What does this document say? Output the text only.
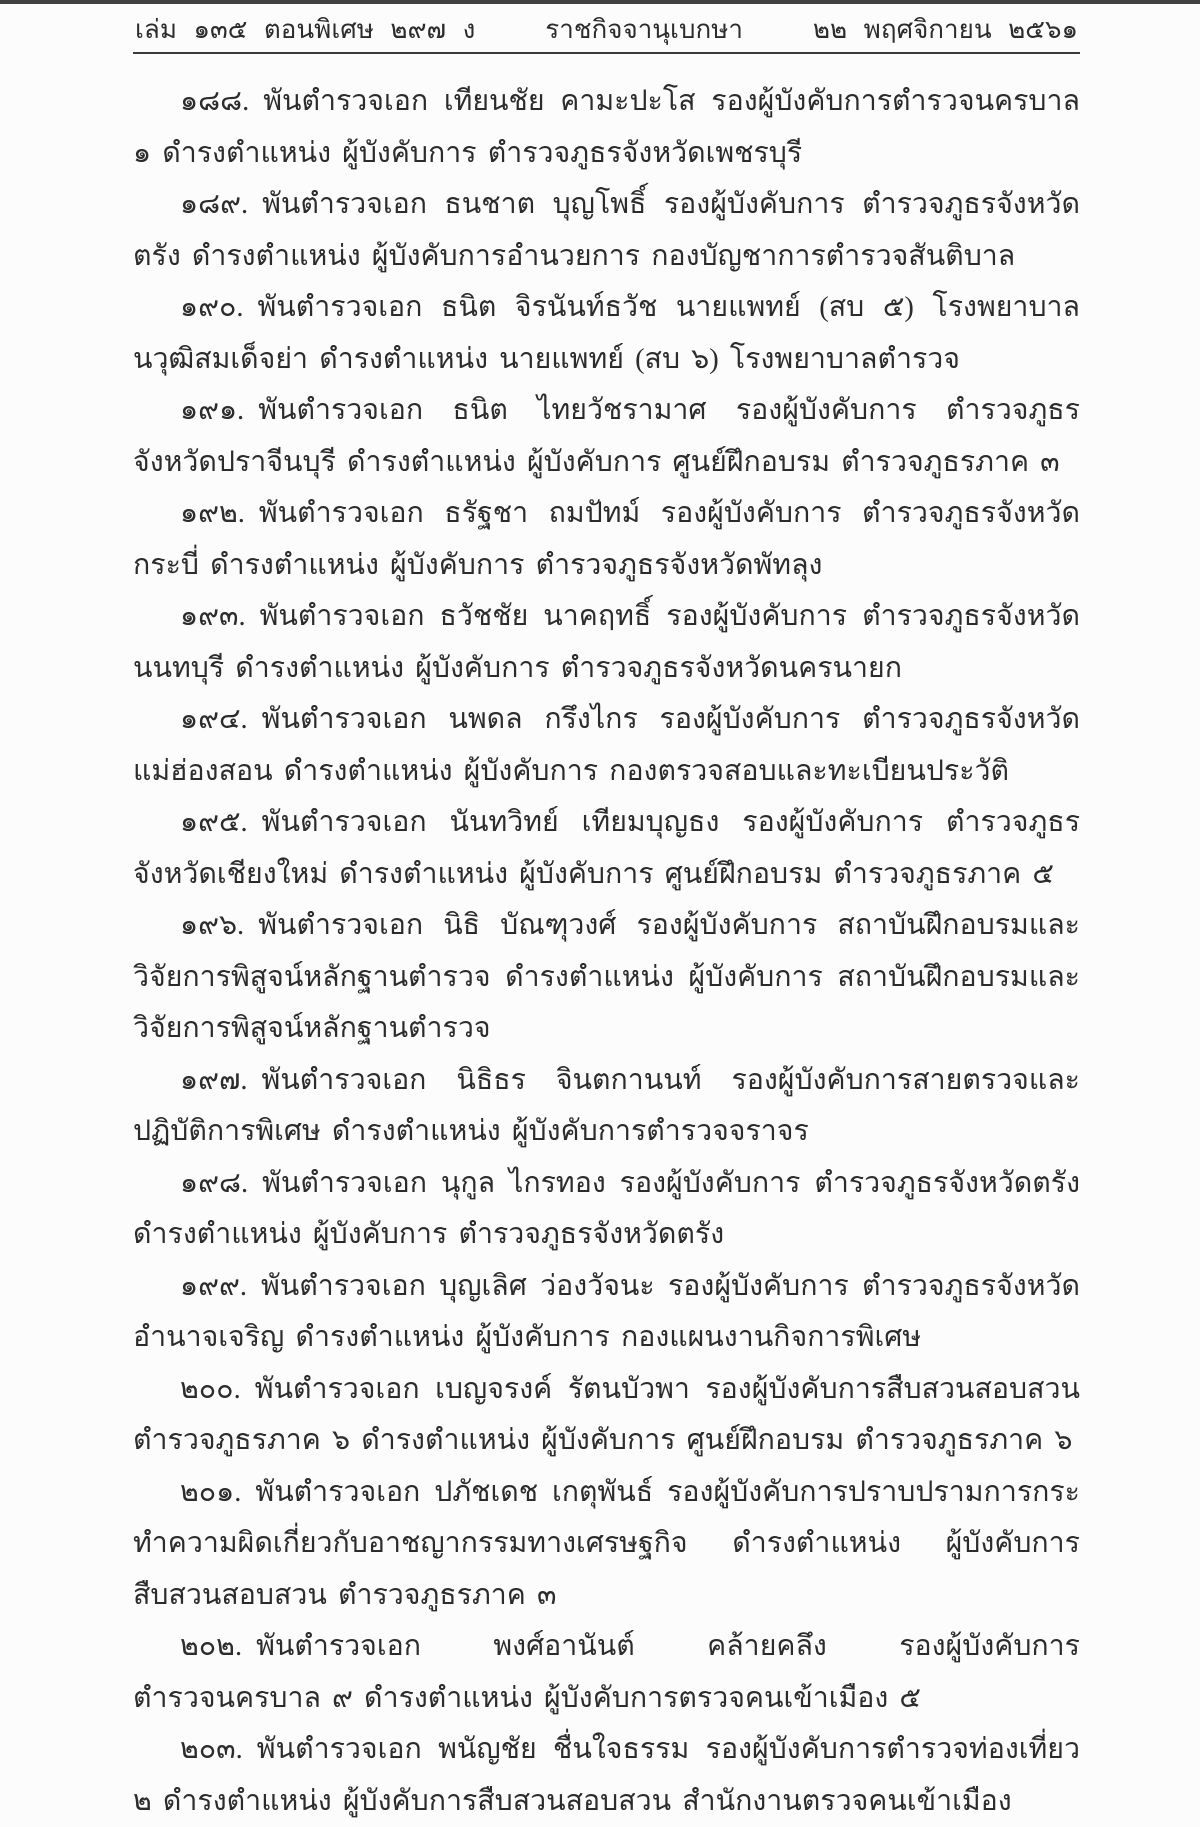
เล่ม ๑๓๕ ตอนพิเศษ ๒๙๗ ง	ราชกิจจานุเบกษา	๒๒ พฤศจิกายน ๒๕๖๑

๑๘๘. พันตำรวจเอก เทียนชัย คามะปะโส รองผู้บังคับการตำรวจนครบาล ๑ ดำรงตำแหน่ง ผู้บังคับการ ตำรวจภูธรจังหวัดเพชรบุรี

๑๘๙. พันตำรวจเอก ธนชาต บุญโพธิ์ รองผู้บังคับการ ตำรวจภูธรจังหวัดตรัง ดำรงตำแหน่ง ผู้บังคับการอำนวยการ กองบัญชาการตำรวจสันติบาล

๑๙๐. พันตำรวจเอก ธนิต จิรนันท์ธวัช นายแพทย์ (สบ ๕) โรงพยาบาลนวุฒิสมเด็จย่า ดำรงตำแหน่ง นายแพทย์ (สบ ๖) โรงพยาบาลตำรวจ

๑๙๑. พันตำรวจเอก ธนิต ไทยวัชรามาศ รองผู้บังคับการ ตำรวจภูธรจังหวัดปราจีนบุรี ดำรงตำแหน่ง ผู้บังคับการ ศูนย์ฝึกอบรม ตำรวจภูธรภาค ๓

๑๙๒. พันตำรวจเอก ธรัฐชา ถมปัทม์ รองผู้บังคับการ ตำรวจภูธรจังหวัดกระบี่ ดำรงตำแหน่ง ผู้บังคับการ ตำรวจภูธรจังหวัดพัทลุง

๑๙๓. พันตำรวจเอก ธวัชชัย นาคฤทธิ์ รองผู้บังคับการ ตำรวจภูธรจังหวัดนนทบุรี ดำรงตำแหน่ง ผู้บังคับการ ตำรวจภูธรจังหวัดนครนายก

๑๙๔. พันตำรวจเอก นพดล กรึงไกร รองผู้บังคับการ ตำรวจภูธรจังหวัดแม่ฮ่องสอน ดำรงตำแหน่ง ผู้บังคับการ กองตรวจสอบและทะเบียนประวัติ

๑๙๕. พันตำรวจเอก นันทวิทย์ เทียมบุญธง รองผู้บังคับการ ตำรวจภูธรจังหวัดเชียงใหม่ ดำรงตำแหน่ง ผู้บังคับการ ศูนย์ฝึกอบรม ตำรวจภูธรภาค ๕

๑๙๖. พันตำรวจเอก นิธิ บัณฑุวงศ์ รองผู้บังคับการ สถาบันฝึกอบรมและวิจัยการพิสูจน์หลักฐานตำรวจ ดำรงตำแหน่ง ผู้บังคับการ สถาบันฝึกอบรมและวิจัยการพิสูจน์หลักฐานตำรวจ

๑๙๗. พันตำรวจเอก นิธิธร จินตกานนท์ รองผู้บังคับการสายตรวจและปฏิบัติการพิเศษ ดำรงตำแหน่ง ผู้บังคับการตำรวจจราจร

๑๙๘. พันตำรวจเอก นุกูล ไกรทอง รองผู้บังคับการ ตำรวจภูธรจังหวัดตรัง ดำรงตำแหน่ง ผู้บังคับการ ตำรวจภูธรจังหวัดตรัง

๑๙๙. พันตำรวจเอก บุญเลิศ ว่องวัจนะ รองผู้บังคับการ ตำรวจภูธรจังหวัดอำนาจเจริญ ดำรงตำแหน่ง ผู้บังคับการ กองแผนงานกิจการพิเศษ

๒๐๐. พันตำรวจเอก เบญจรงค์ รัตนบัวพา รองผู้บังคับการสืบสวนสอบสวน ตำรวจภูธรภาค ๖ ดำรงตำแหน่ง ผู้บังคับการ ศูนย์ฝึกอบรม ตำรวจภูธรภาค ๖

๒๐๑. พันตำรวจเอก ปภัชเดช เกตุพันธ์ รองผู้บังคับการปราบปรามการกระทำความผิดเกี่ยวกับอาชญากรรมทางเศรษฐกิจ ดำรงตำแหน่ง ผู้บังคับการสืบสวนสอบสวน ตำรวจภูธรภาค ๓

๒๐๒. พันตำรวจเอก พงศ์อานันต์ คล้ายคลึง รองผู้บังคับการตำรวจนครบาล ๙ ดำรงตำแหน่ง ผู้บังคับการตรวจคนเข้าเมือง ๕

๒๐๓. พันตำรวจเอก พนัญชัย ชื่นใจธรรม รองผู้บังคับการตำรวจท่องเที่ยว ๒ ดำรงตำแหน่ง ผู้บังคับการสืบสวนสอบสวน สำนักงานตรวจคนเข้าเมือง
